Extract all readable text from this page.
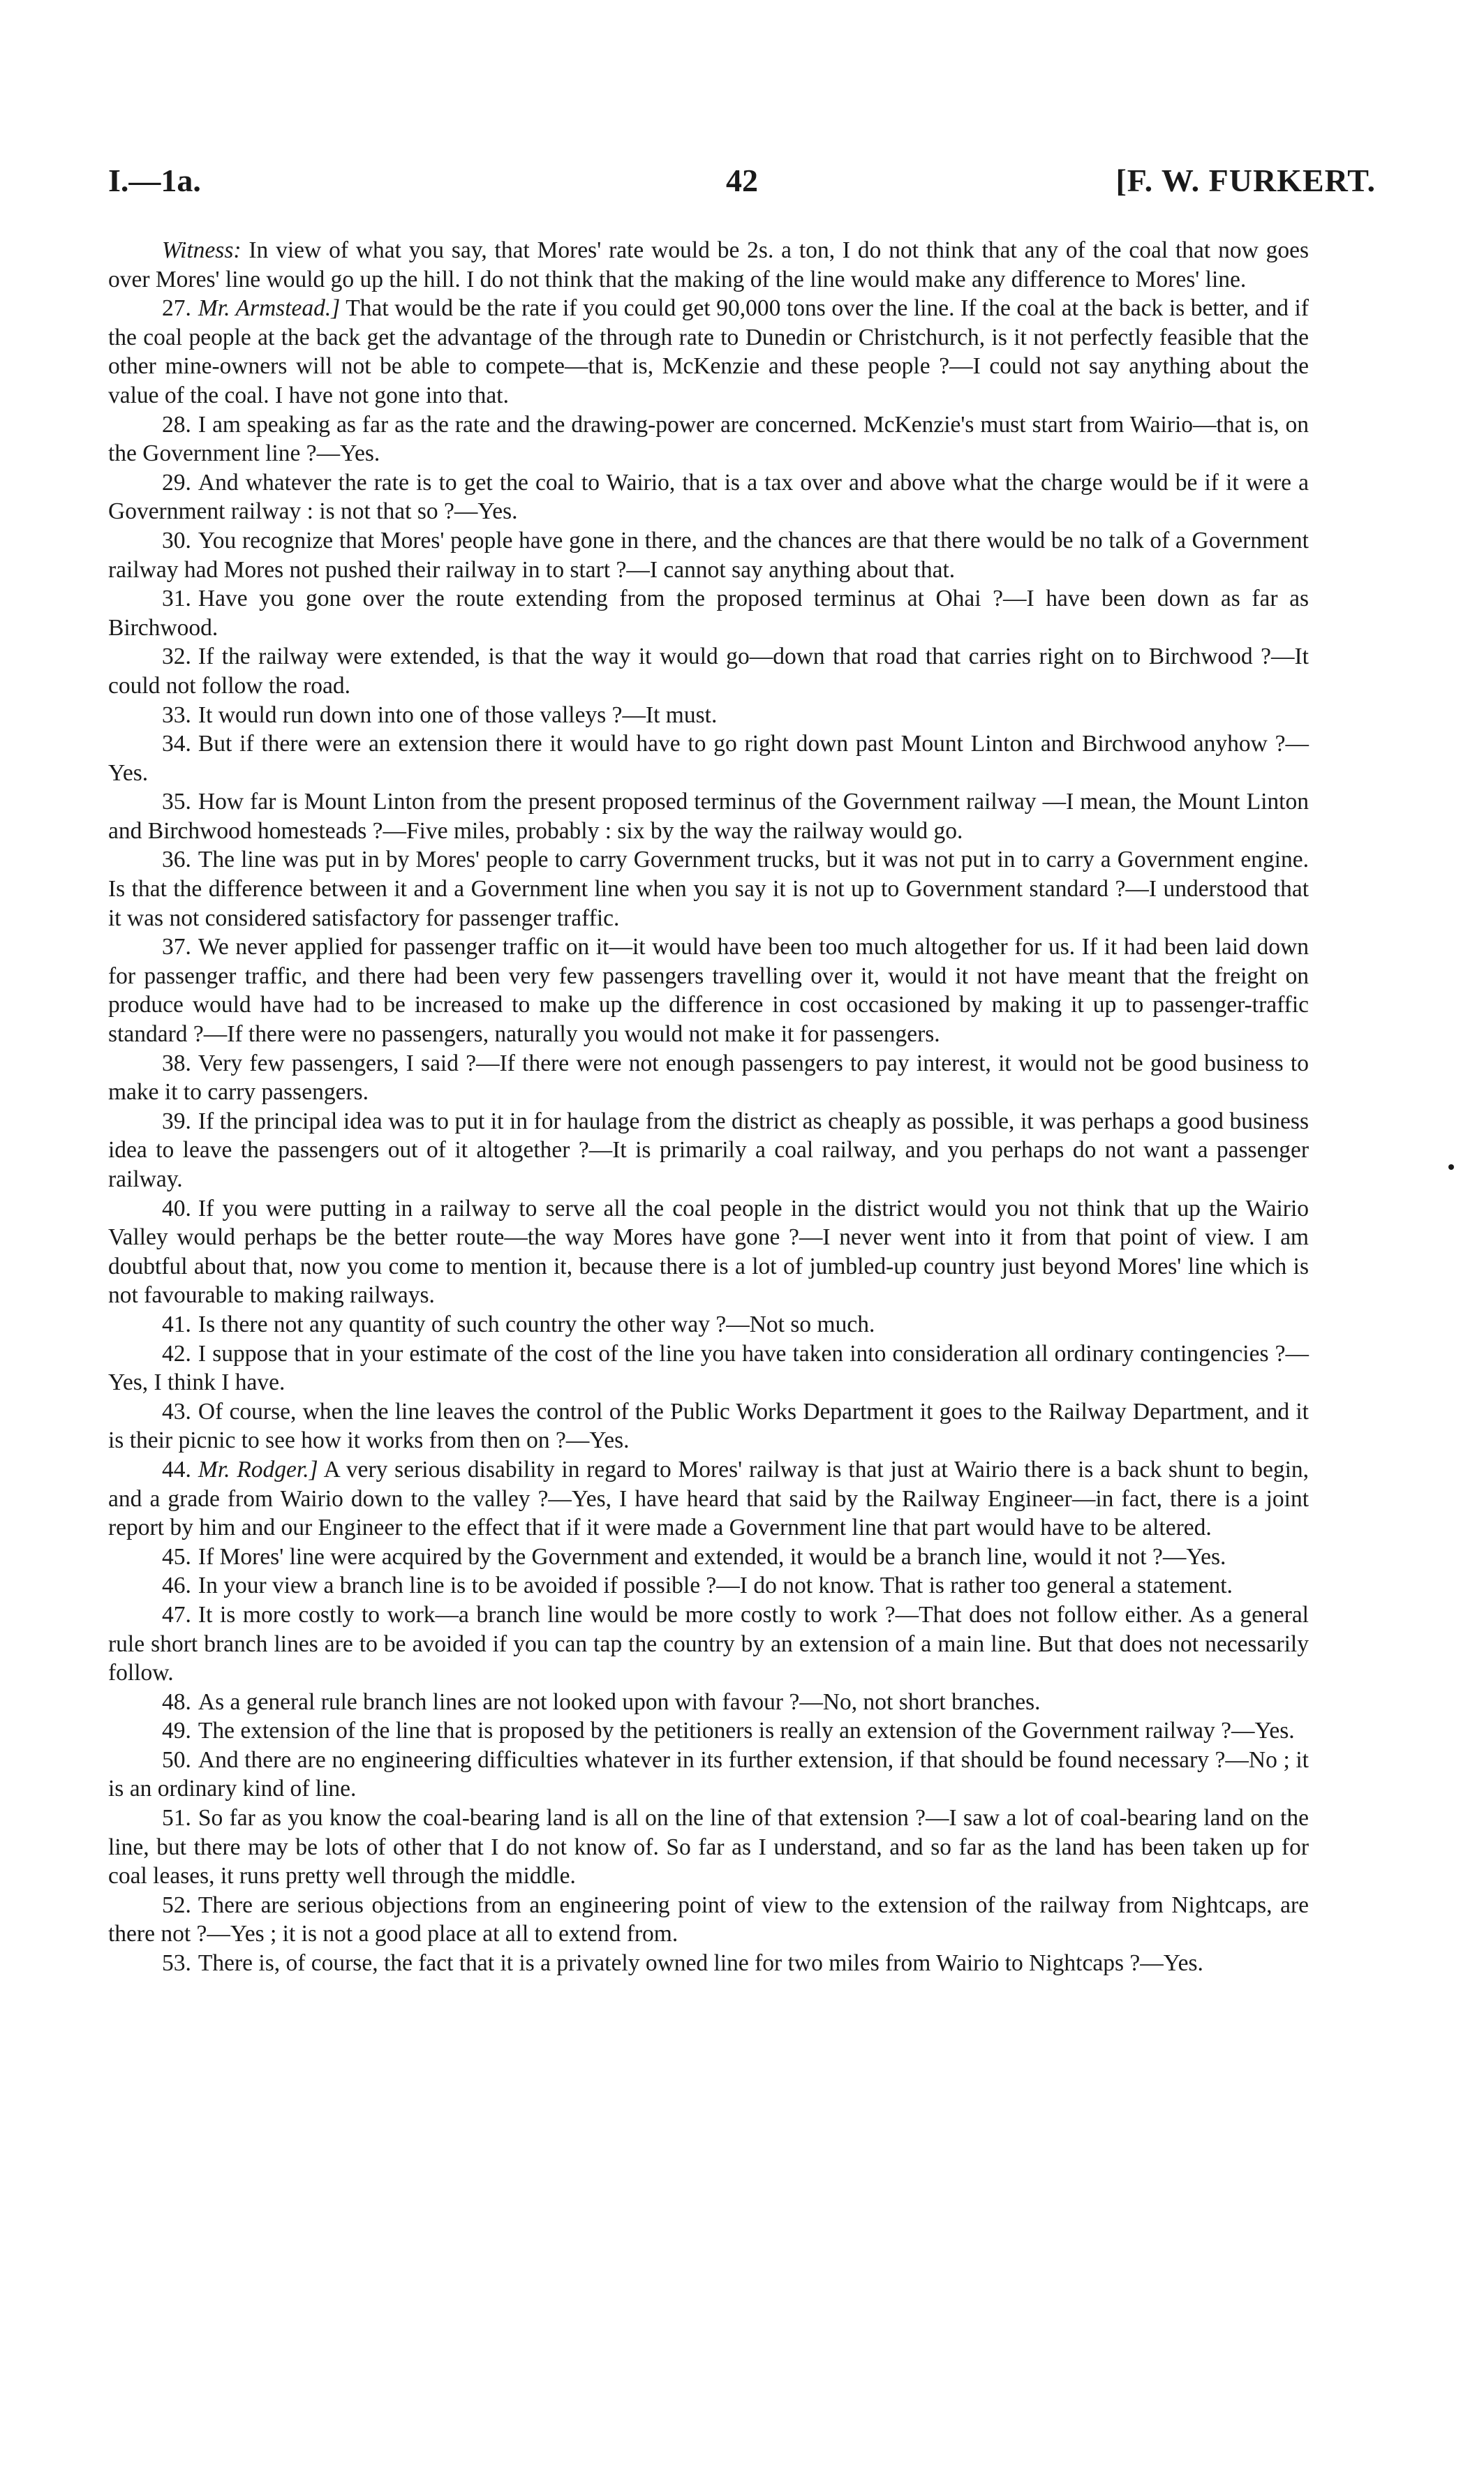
I.—1a.	42	[F. W. FURKERT.

Witness: In view of what you say, that Mores' rate would be 2s. a ton, I do not think that any of the coal that now goes over Mores' line would go up the hill. I do not think that the making of the line would make any difference to Mores' line.

27. Mr. Armstead.] That would be the rate if you could get 90,000 tons over the line. If the coal at the back is better, and if the coal people at the back get the advantage of the through rate to Dunedin or Christchurch, is it not perfectly feasible that the other mine-owners will not be able to compete—that is, McKenzie and these people ?—I could not say anything about the value of the coal. I have not gone into that.

28. I am speaking as far as the rate and the drawing-power are concerned. McKenzie's must start from Wairio—that is, on the Government line ?—Yes.

29. And whatever the rate is to get the coal to Wairio, that is a tax over and above what the charge would be if it were a Government railway : is not that so ?—Yes.

30. You recognize that Mores' people have gone in there, and the chances are that there would be no talk of a Government railway had Mores not pushed their railway in to start ?—I cannot say anything about that.

31. Have you gone over the route extending from the proposed terminus at Ohai ?—I have been down as far as Birchwood.

32. If the railway were extended, is that the way it would go—down that road that carries right on to Birchwood ?—It could not follow the road.

33. It would run down into one of those valleys ?—It must.

34. But if there were an extension there it would have to go right down past Mount Linton and Birchwood anyhow ?—Yes.

35. How far is Mount Linton from the present proposed terminus of the Government railway —I mean, the Mount Linton and Birchwood homesteads ?—Five miles, probably : six by the way the railway would go.

36. The line was put in by Mores' people to carry Government trucks, but it was not put in to carry a Government engine. Is that the difference between it and a Government line when you say it is not up to Government standard ?—I understood that it was not considered satisfactory for passenger traffic.

37. We never applied for passenger traffic on it—it would have been too much altogether for us. If it had been laid down for passenger traffic, and there had been very few passengers travelling over it, would it not have meant that the freight on produce would have had to be increased to make up the difference in cost occasioned by making it up to passenger-traffic standard ?—If there were no passengers, naturally you would not make it for passengers.

38. Very few passengers, I said ?—If there were not enough passengers to pay interest, it would not be good business to make it to carry passengers.

39. If the principal idea was to put it in for haulage from the district as cheaply as possible, it was perhaps a good business idea to leave the passengers out of it altogether ?—It is primarily a coal railway, and you perhaps do not want a passenger railway.

40. If you were putting in a railway to serve all the coal people in the district would you not think that up the Wairio Valley would perhaps be the better route—the way Mores have gone ?—I never went into it from that point of view. I am doubtful about that, now you come to mention it, because there is a lot of jumbled-up country just beyond Mores' line which is not favourable to making railways.

41. Is there not any quantity of such country the other way ?—Not so much.

42. I suppose that in your estimate of the cost of the line you have taken into consideration all ordinary contingencies ?—Yes, I think I have.

43. Of course, when the line leaves the control of the Public Works Department it goes to the Railway Department, and it is their picnic to see how it works from then on ?—Yes.

44. Mr. Rodger.] A very serious disability in regard to Mores' railway is that just at Wairio there is a back shunt to begin, and a grade from Wairio down to the valley ?—Yes, I have heard that said by the Railway Engineer—in fact, there is a joint report by him and our Engineer to the effect that if it were made a Government line that part would have to be altered.

45. If Mores' line were acquired by the Government and extended, it would be a branch line, would it not ?—Yes.

46. In your view a branch line is to be avoided if possible ?—I do not know. That is rather too general a statement.

47. It is more costly to work—a branch line would be more costly to work ?—That does not follow either. As a general rule short branch lines are to be avoided if you can tap the country by an extension of a main line. But that does not necessarily follow.

48. As a general rule branch lines are not looked upon with favour ?—No, not short branches.

49. The extension of the line that is proposed by the petitioners is really an extension of the Government railway ?—Yes.

50. And there are no engineering difficulties whatever in its further extension, if that should be found necessary ?—No ; it is an ordinary kind of line.

51. So far as you know the coal-bearing land is all on the line of that extension ?—I saw a lot of coal-bearing land on the line, but there may be lots of other that I do not know of. So far as I understand, and so far as the land has been taken up for coal leases, it runs pretty well through the middle.

52. There are serious objections from an engineering point of view to the extension of the railway from Nightcaps, are there not ?—Yes ; it is not a good place at all to extend from.

53. There is, of course, the fact that it is a privately owned line for two miles from Wairio to Nightcaps ?—Yes.
